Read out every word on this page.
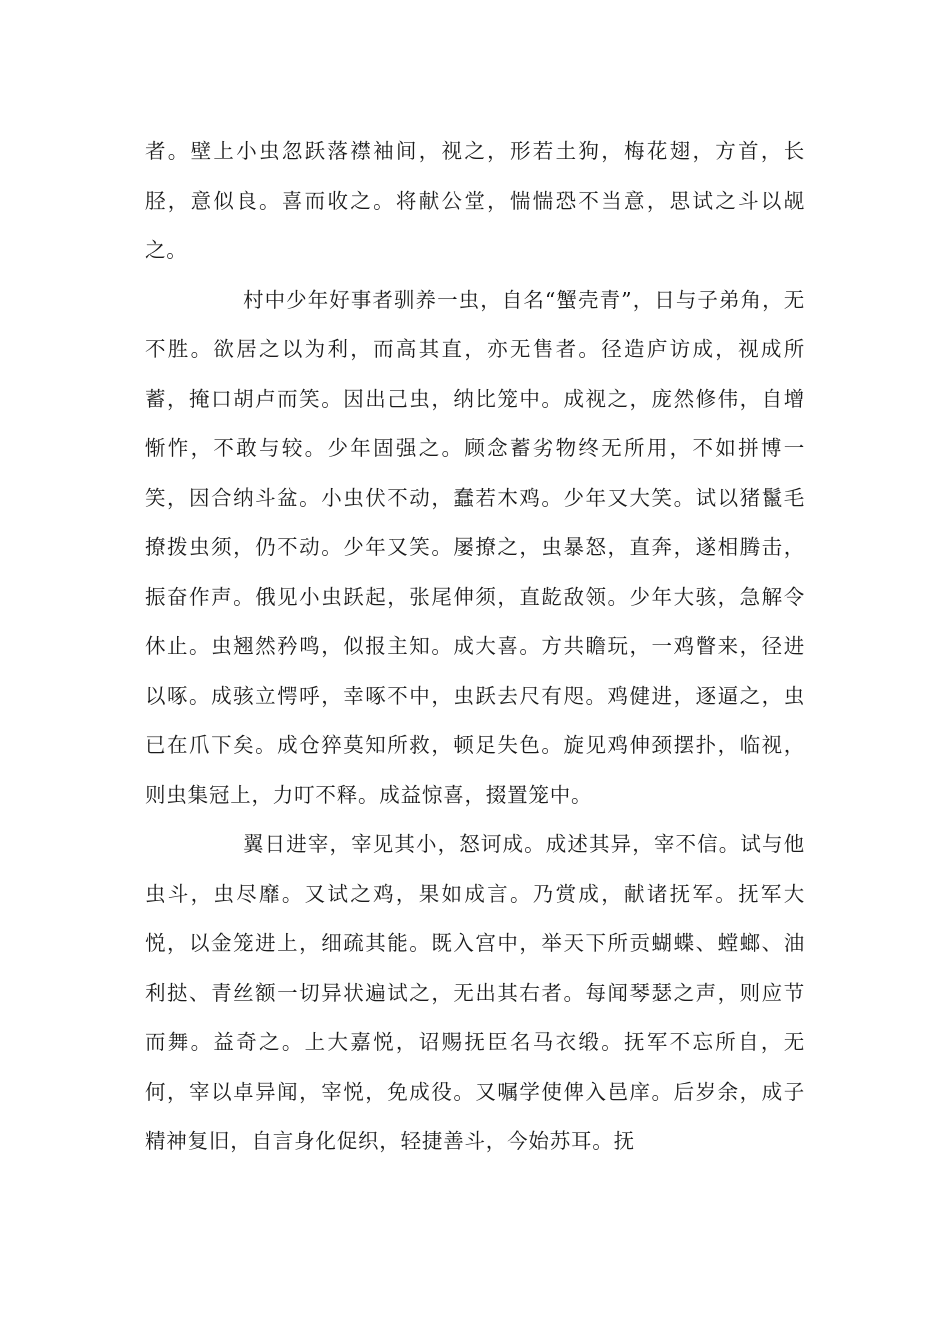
者。壁上小虫忽跃落襟袖间，视之，形若土狗，梅花翅，方首，长胫，意似良。喜而收之。将献公堂，惴惴恐不当意，思试之斗以觇之。

村中少年好事者驯养一虫，自名“蟹壳青”，日与子弟角，无不胜。欲居之以为利，而高其直，亦无售者。径造庐访成，视成所蓄，掩口胡卢而笑。因出己虫，纳比笼中。成视之，庞然修伟，自增惭怍，不敢与较。少年固强之。顾念蓄劣物终无所用，不如拼博一笑，因合纳斗盆。小虫伏不动，蠢若木鸡。少年又大笑。试以猪鬣毛撩拨虫须，仍不动。少年又笑。屡撩之，虫暴怒，直奔，遂相腾击，振奋作声。俄见小虫跃起，张尾伸须，直龁敌领。少年大骇，急解令休止。虫翘然矜鸣，似报主知。成大喜。方共瞻玩，一鸡瞥来，径进以啄。成骇立愕呼，幸啄不中，虫跃去尺有咫。鸡健进，逐逼之，虫已在爪下矣。成仓猝莫知所救，顿足失色。旋见鸡伸颈摆扑，临视，则虫集冠上，力叮不释。成益惊喜，掇置笼中。

翼日进宰，宰见其小，怒诃成。成述其异，宰不信。试与他虫斗，虫尽靡。又试之鸡，果如成言。乃赏成，献诸抚军。抚军大悦，以金笼进上，细疏其能。既入宫中，举天下所贡蝴蝶、螳螂、油利挞、青丝额一切异状遍试之，无出其右者。每闻琴瑟之声，则应节而舞。益奇之。上大嘉悦，诏赐抚臣名马衣缎。抚军不忘所自，无何，宰以卓异闻，宰悦，免成役。又嘱学使俾入邑庠。后岁余，成子精神复旧，自言身化促织，轻捷善斗，今始苏耳。抚
